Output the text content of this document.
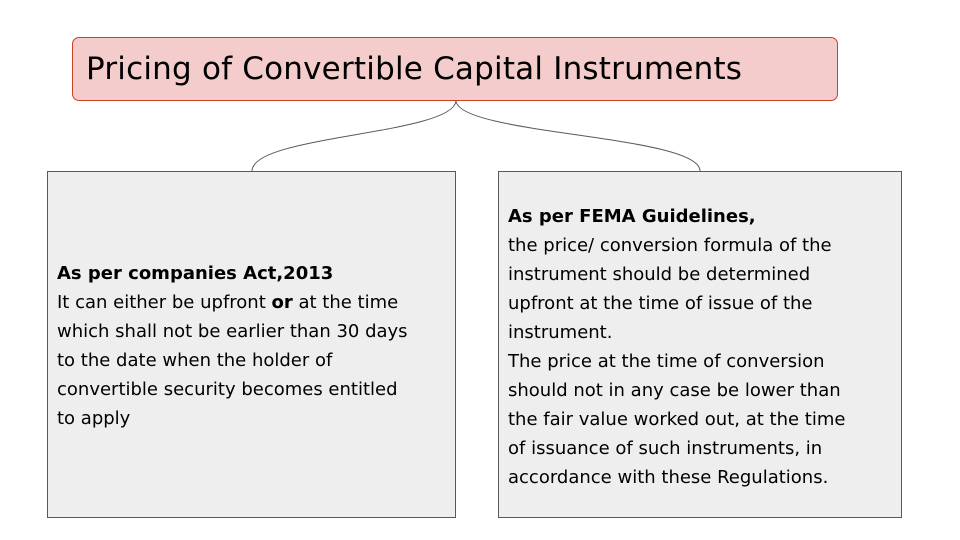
Pricing of Convertible Capital Instruments
As per companies Act,2013
It can either be upfront or at the time
which shall not be earlier than 30 days
to the date when the holder of
convertible security becomes entitled
to apply
As per FEMA Guidelines,
the price/ conversion formula of the
instrument should be determined
upfront at the time of issue of the
instrument.
The price at the time of conversion
should not in any case be lower than
the fair value worked out, at the time
of issuance of such instruments, in
accordance with these Regulations.
